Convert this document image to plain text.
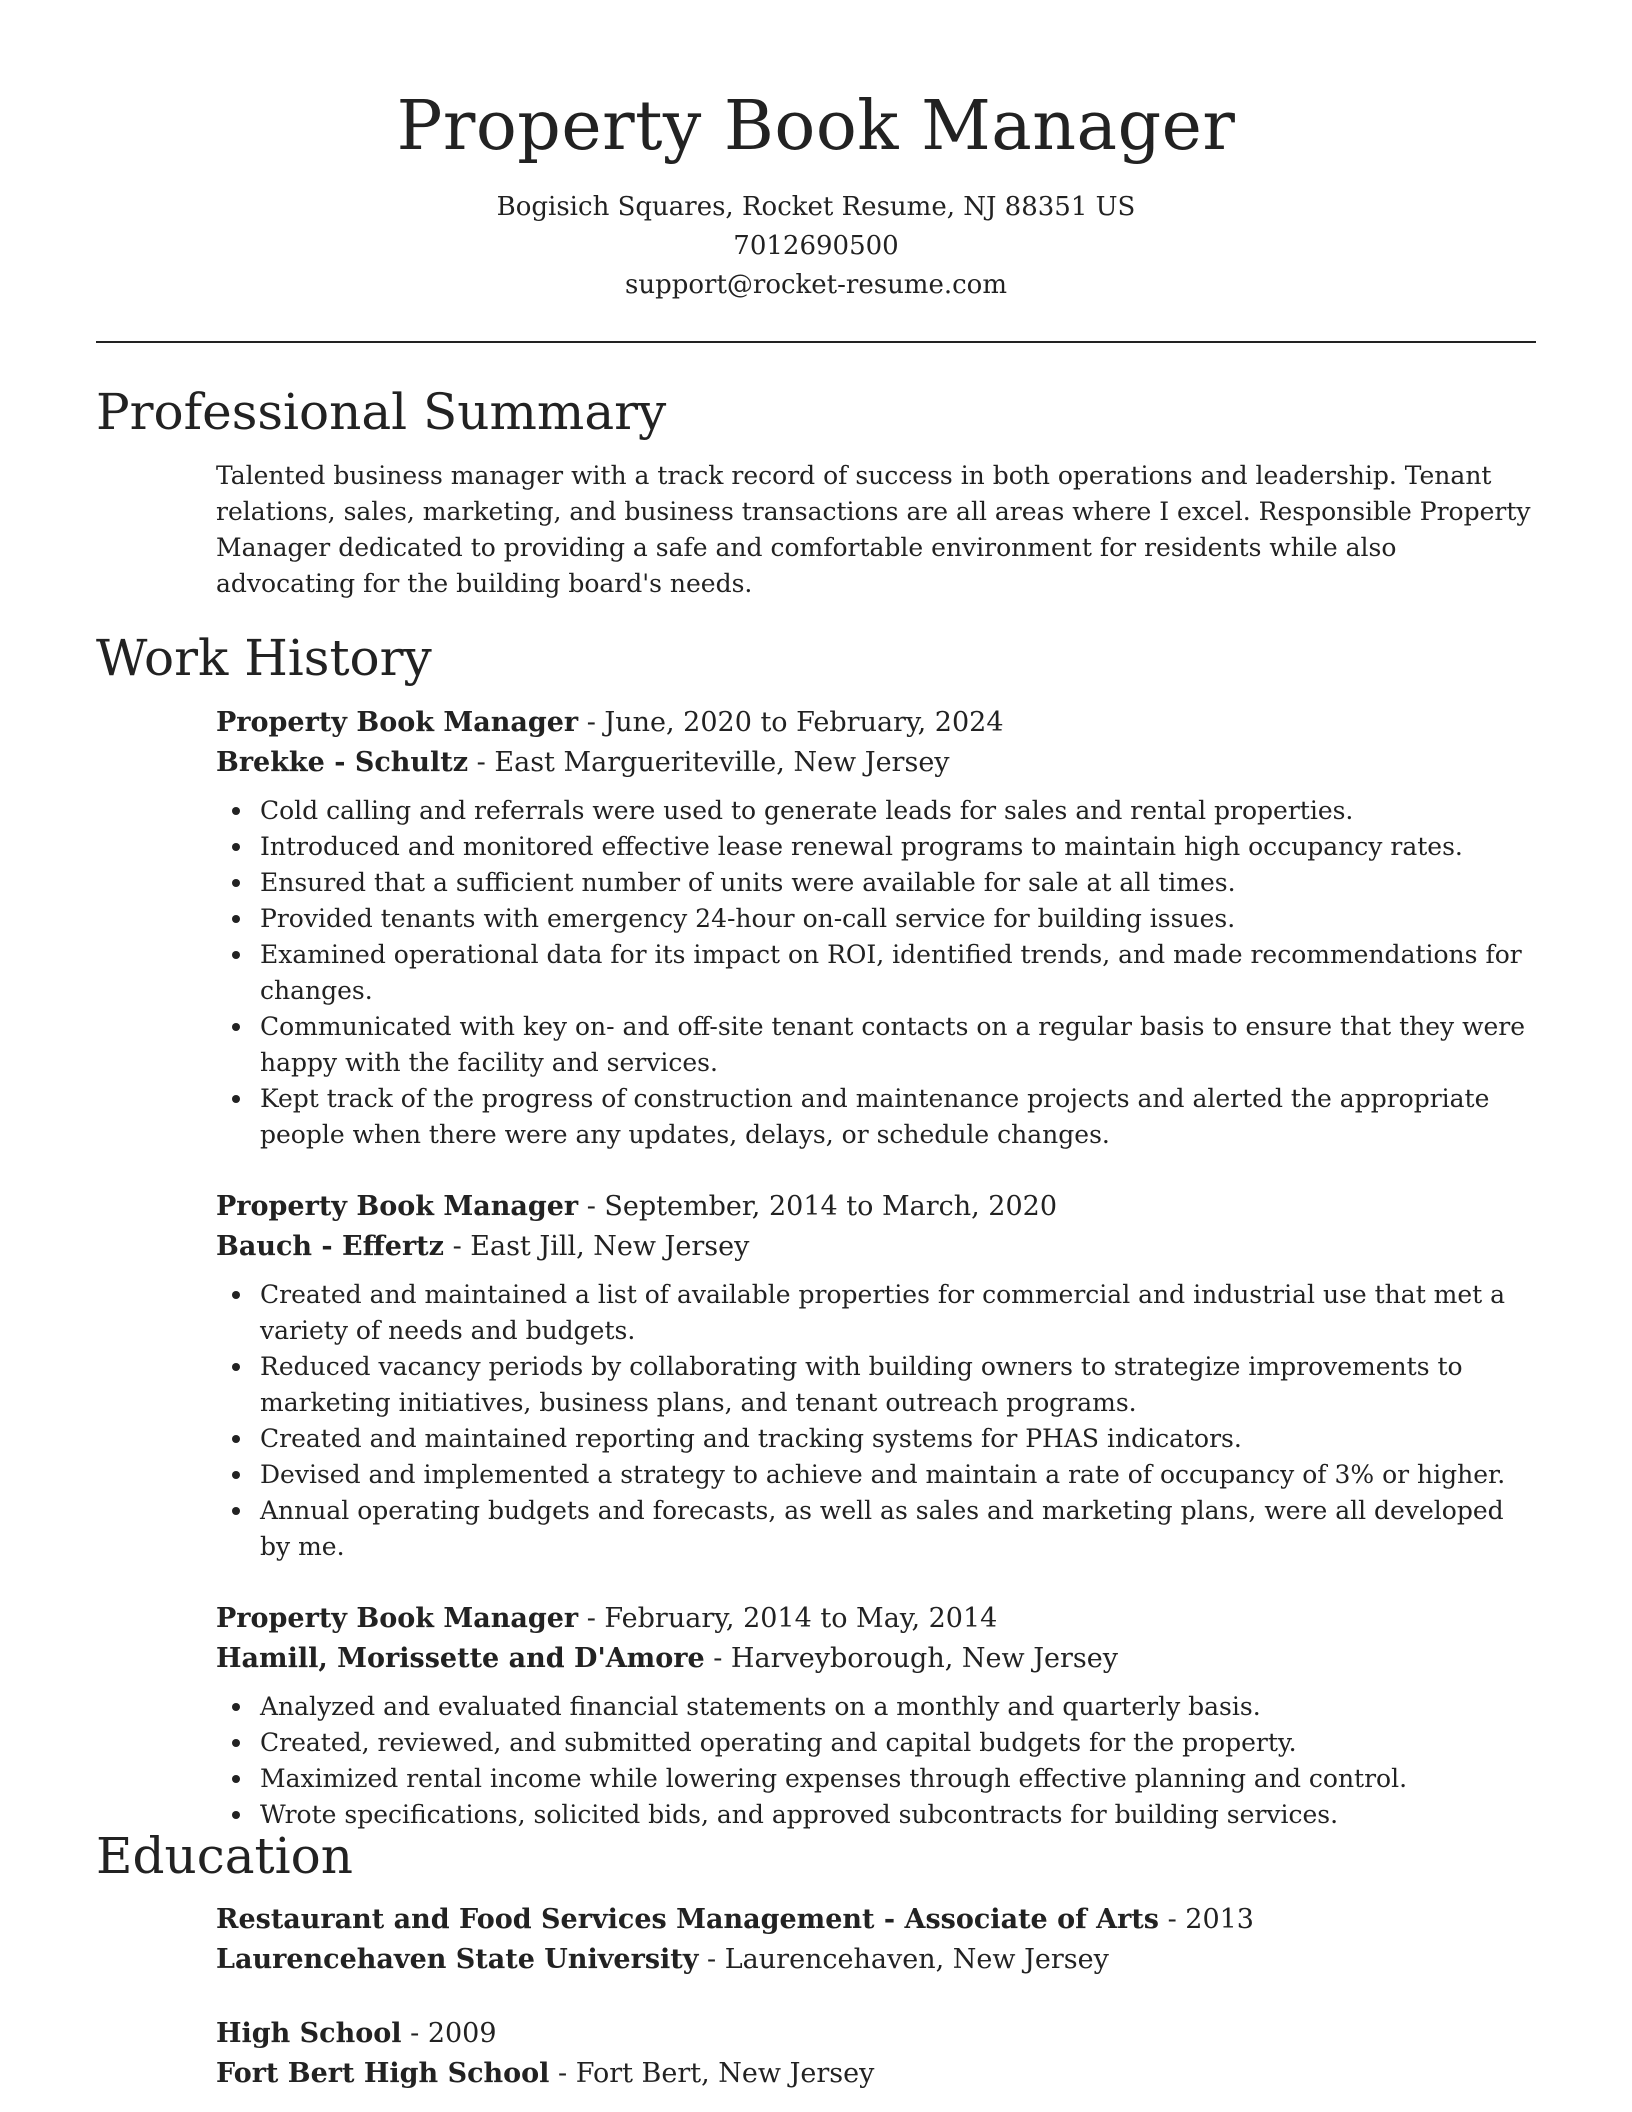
Property Book Manager
Bogisich Squares, Rocket Resume, NJ 88351 US
7012690500
support@rocket-resume.com
Professional Summary

Talented business manager with a track record of success in both operations and leadership. Tenant relations, sales, marketing, and business transactions are all areas where I excel. Responsible Property Manager dedicated to providing a safe and comfortable environment for residents while also advocating for the building board's needs.

Work History

Property Book Manager - June, 2020 to February, 2024

Brekke - Schultz - East Margueriteville, New Jersey

Cold calling and referrals were used to generate leads for sales and rental properties.
Introduced and monitored effective lease renewal programs to maintain high occupancy rates.
Ensured that a sufficient number of units were available for sale at all times.
Provided tenants with emergency 24-hour on-call service for building issues.
Examined operational data for its impact on ROI, identified trends, and made recommendations for changes.
Communicated with key on- and off-site tenant contacts on a regular basis to ensure that they were happy with the facility and services.
Kept track of the progress of construction and maintenance projects and alerted the appropriate people when there were any updates, delays, or schedule changes.

Property Book Manager - September, 2014 to March, 2020

Bauch - Effertz - East Jill, New Jersey

Created and maintained a list of available properties for commercial and industrial use that met a variety of needs and budgets.
Reduced vacancy periods by collaborating with building owners to strategize improvements to marketing initiatives, business plans, and tenant outreach programs.
Created and maintained reporting and tracking systems for PHAS indicators.
Devised and implemented a strategy to achieve and maintain a rate of occupancy of 3% or higher.
Annual operating budgets and forecasts, as well as sales and marketing plans, were all developed by me.

Property Book Manager - February, 2014 to May, 2014

Hamill, Morissette and D'Amore - Harveyborough, New Jersey

Analyzed and evaluated financial statements on a monthly and quarterly basis.
Created, reviewed, and submitted operating and capital budgets for the property.
Maximized rental income while lowering expenses through effective planning and control.
Wrote specifications, solicited bids, and approved subcontracts for building services.
Education

Restaurant and Food Services Management - Associate of Arts - 2013

Laurencehaven State University - Laurencehaven, New Jersey

High School - 2009

Fort Bert High School - Fort Bert, New Jersey
